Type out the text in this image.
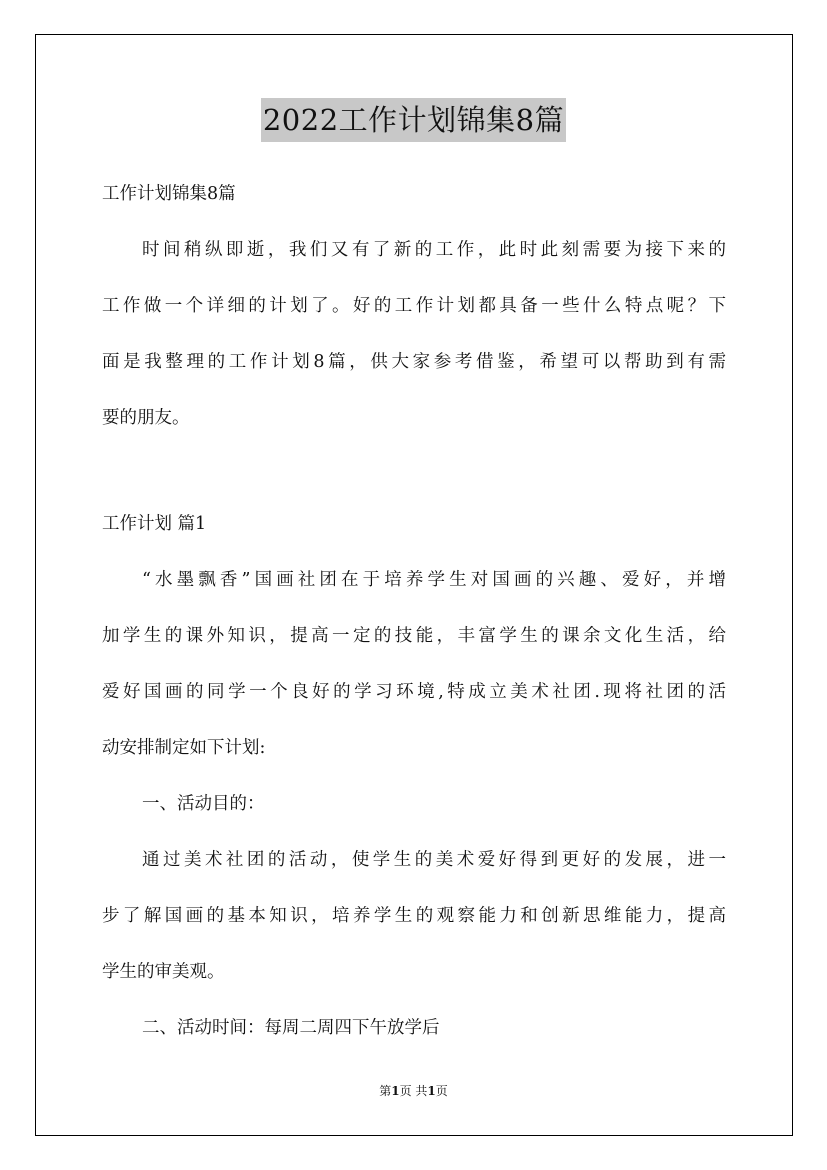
2022工作计划锦集8篇

工作计划锦集8篇

时间稍纵即逝，我们又有了新的工作，此时此刻需要为接下来的

工作做一个详细的计划了。好的工作计划都具备一些什么特点呢？下

面是我整理的工作计划8篇，供大家参考借鉴，希望可以帮助到有需

要的朋友。

工作计划 篇1

“水墨飘香”国画社团在于培养学生对国画的兴趣、爱好，并增

加学生的课外知识，提高一定的技能，丰富学生的课余文化生活，给

爱好国画的同学一个良好的学习环境,特成立美术社团.现将社团的活

动安排制定如下计划:

一、活动目的：

通过美术社团的活动，使学生的美术爱好得到更好的发展，进一

步了解国画的基本知识，培养学生的观察能力和创新思维能力，提高

学生的审美观。

二、活动时间：每周二周四下午放学后

第1页 共1页
